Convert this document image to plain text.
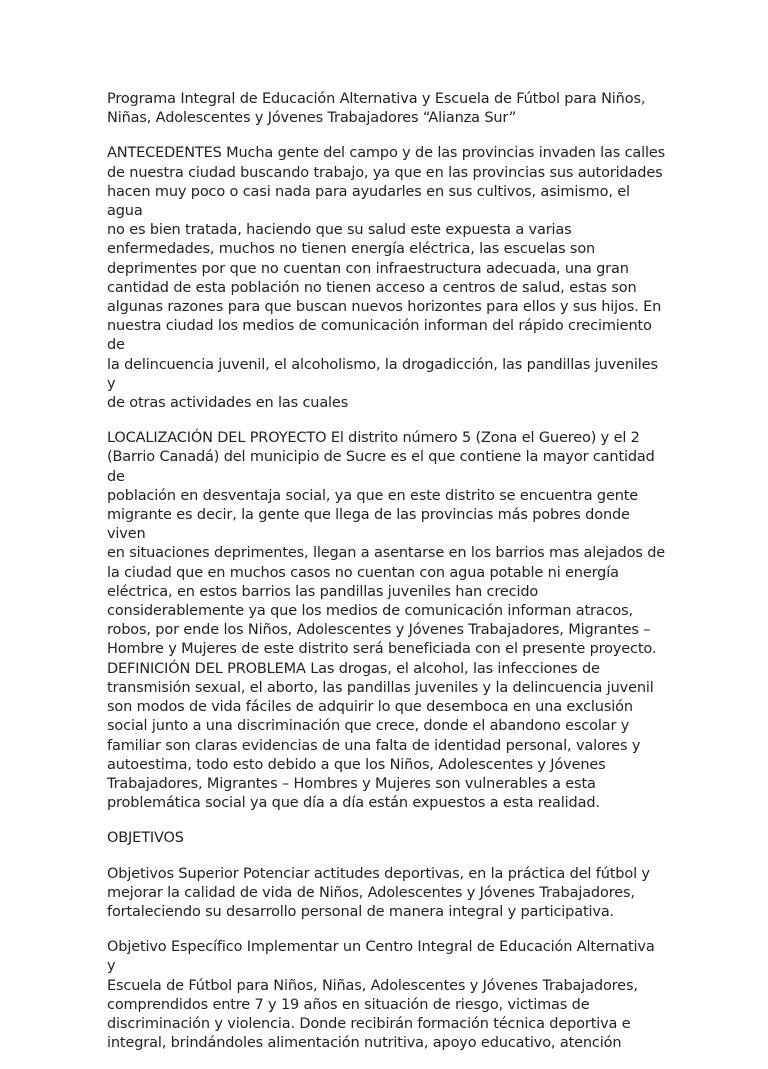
Programa Integral de Educación Alternativa y Escuela de Fútbol para Niños,
Niñas, Adolescentes y Jóvenes Trabajadores “Alianza Sur”

ANTECEDENTES Mucha gente del campo y de las provincias invaden las calles
de nuestra ciudad buscando trabajo, ya que en las provincias sus autoridades
hacen muy poco o casi nada para ayudarles en sus cultivos, asimismo, el agua
no es bien tratada, haciendo que su salud este expuesta a varias
enfermedades, muchos no tienen energía eléctrica, las escuelas son
deprimentes por que no cuentan con infraestructura adecuada, una gran
cantidad de esta población no tienen acceso a centros de salud, estas son
algunas razones para que buscan nuevos horizontes para ellos y sus hijos. En
nuestra ciudad los medios de comunicación informan del rápido crecimiento de
la delincuencia juvenil, el alcoholismo, la drogadicción, las pandillas juveniles y
de otras actividades en las cuales

LOCALIZACIÓN DEL PROYECTO El distrito número 5 (Zona el Guereo) y el 2
(Barrio Canadá) del municipio de Sucre es el que contiene la mayor cantidad de
población en desventaja social, ya que en este distrito se encuentra gente
migrante es decir, la gente que llega de las provincias más pobres donde viven
en situaciones deprimentes, llegan a asentarse en los barrios mas alejados de
la ciudad que en muchos casos no cuentan con agua potable ni energía
eléctrica, en estos barrios las pandillas juveniles han crecido
considerablemente ya que los medios de comunicación informan atracos,
robos, por ende los Niños, Adolescentes y Jóvenes Trabajadores, Migrantes –
Hombre y Mujeres de este distrito será beneficiada con el presente proyecto.

DEFINICIÓN DEL PROBLEMA Las drogas, el alcohol, las infecciones de
transmisión sexual, el aborto, las pandillas juveniles y la delincuencia juvenil
son modos de vida fáciles de adquirir lo que desemboca en una exclusión
social junto a una discriminación que crece, donde el abandono escolar y
familiar son claras evidencias de una falta de identidad personal, valores y
autoestima, todo esto debido a que los Niños, Adolescentes y Jóvenes
Trabajadores, Migrantes – Hombres y Mujeres son vulnerables a esta
problemática social ya que día a día están expuestos a esta realidad.

OBJETIVOS

Objetivos Superior Potenciar actitudes deportivas, en la práctica del fútbol y
mejorar la calidad de vida de Niños, Adolescentes y Jóvenes Trabajadores,
fortaleciendo su desarrollo personal de manera integral y participativa.

Objetivo Específico Implementar un Centro Integral de Educación Alternativa y
Escuela de Fútbol para Niños, Niñas, Adolescentes y Jóvenes Trabajadores,
comprendidos entre 7 y 19 años en situación de riesgo, victimas de
discriminación y violencia. Donde recibirán formación técnica deportiva e
integral, brindándoles alimentación nutritiva, apoyo educativo, atención
